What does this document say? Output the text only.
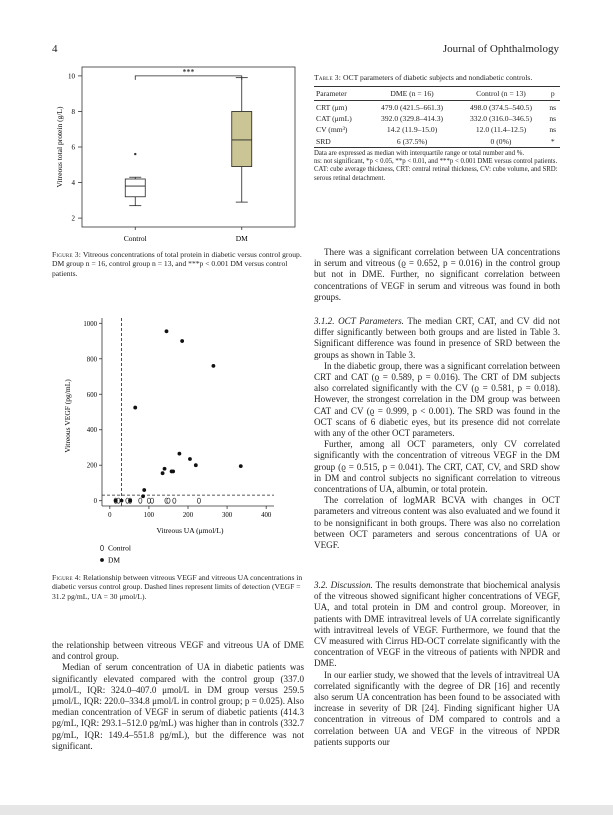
4	Journal of Ophthalmology
2
4
6
8
10
Control	DM
Vitreous total protein (g/L)
***
Figure 3: Vitreous concentrations of total protein in diabetic versus control group. DM group n = 16, control group n = 13, and ***p < 0.001 DM versus control patients.
0
200
400
600
800
1000
0	100	200	300	400
Vitreous UA (μmol/L)
Vitreous VEGF (pg/mL)
Control
DM
Figure 4: Relationship between vitreous VEGF and vitreous UA concentrations in diabetic versus control group. Dashed lines represent limits of detection (VEGF = 31.2 pg/mL, UA = 30 μmol/L).

the relationship between vitreous VEGF and vitreous UA of DME and control group.

Median of serum concentration of UA in diabetic patients was significantly elevated compared with the control group (337.0 μmol/L, IQR: 324.0–407.0 μmol/L in DM group versus 259.5 μmol/L, IQR: 220.0–334.8 μmol/L in control group; p = 0.025). Also median concentration of VEGF in serum of diabetic patients (414.3 pg/mL, IQR: 293.1–512.0 pg/mL) was higher than in controls (332.7 pg/mL, IQR: 149.4–551.8 pg/mL), but the difference was not significant.

Table 3: OCT parameters of diabetic subjects and nondiabetic controls.
Parameter	DME (n = 16)	Control (n = 13)	p
CRT (μm)	479.0 (421.5–661.3)	498.0 (374.5–540.5)	ns
CAT (μmL)	392.0 (329.8–414.3)	332.0 (316.0–346.5)	ns
CV (mm³)	14.2 (11.9–15.0)	12.0 (11.4–12.5)	ns
SRD	6 (37.5%)	0 (0%)	*

Data are expressed as median with interquartile range or total number and %.

ns: not significant, *p < 0.05, **p < 0.01, and ***p < 0.001 DME versus control patients.

CAT: cube average thickness, CRT: central retinal thickness, CV: cube volume, and SRD: serous retinal detachment.

There was a significant correlation between UA concentrations in serum and vitreous (ϱ = 0.652, p = 0.016) in the control group but not in DME. Further, no significant correlation between concentrations of VEGF in serum and vitreous was found in both groups.

3.1.2. OCT Parameters. The median CRT, CAT, and CV did not differ significantly between both groups and are listed in Table 3. Significant difference was found in presence of SRD between the groups as shown in Table 3.

In the diabetic group, there was a significant correlation between CRT and CAT (ϱ = 0.589, p = 0.016). The CRT of DM subjects also correlated significantly with the CV (ϱ = 0.581, p = 0.018). However, the strongest correlation in the DM group was between CAT and CV (ϱ = 0.999, p < 0.001). The SRD was found in the OCT scans of 6 diabetic eyes, but its presence did not correlate with any of the other OCT parameters.

Further, among all OCT parameters, only CV correlated significantly with the concentration of vitreous VEGF in the DM group (ϱ = 0.515, p = 0.041). The CRT, CAT, CV, and SRD show in DM and control subjects no significant correlation to vitreous concentrations of UA, albumin, or total protein.

The correlation of logMAR BCVA with changes in OCT parameters and vitreous content was also evaluated and we found it to be nonsignificant in both groups. There was also no correlation between OCT parameters and serous concentrations of UA or VEGF.

3.2. Discussion. The results demonstrate that biochemical analysis of the vitreous showed significant higher concentrations of VEGF, UA, and total protein in DM and control group. Moreover, in patients with DME intravitreal levels of UA correlate significantly with intravitreal levels of VEGF. Furthermore, we found that the CV measured with Cirrus HD-OCT correlate significantly with the concentration of VEGF in the vitreous of patients with NPDR and DME.

In our earlier study, we showed that the levels of intravitreal UA correlated significantly with the degree of DR [16] and recently also serum UA concentration has been found to be associated with increase in severity of DR [24]. Finding significant higher UA concentration in vitreous of DM compared to controls and a correlation between UA and VEGF in the vitreous of NPDR patients supports our
